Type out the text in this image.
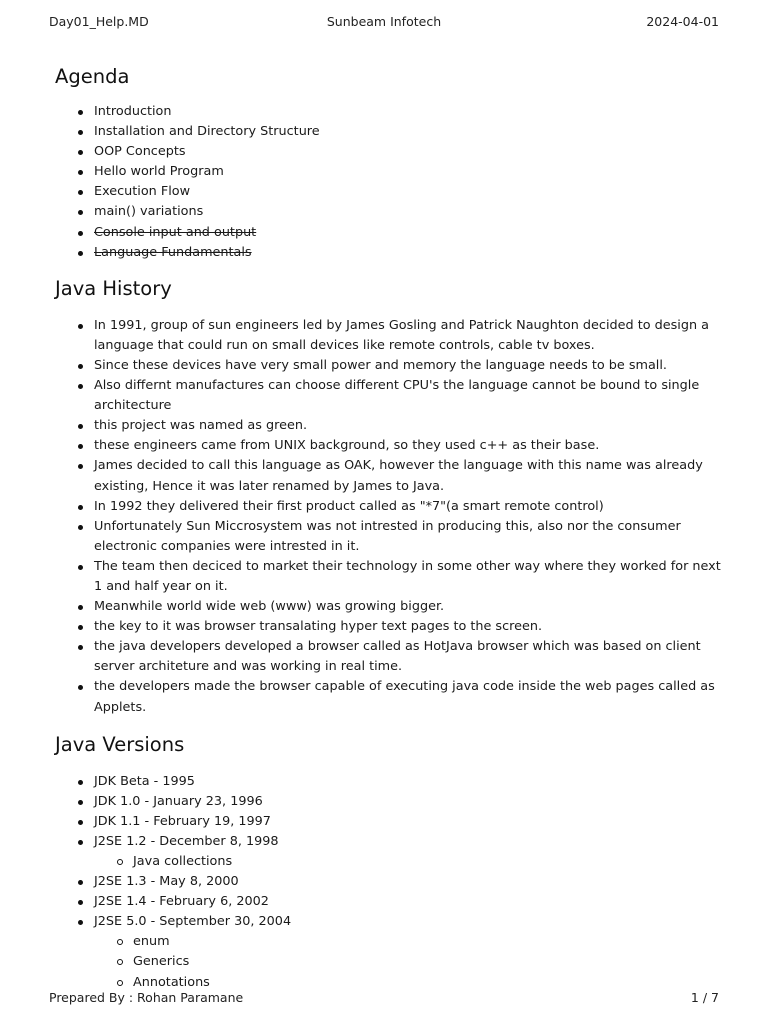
Day01_Help.MD	Sunbeam Infotech	2024-04-01
Agenda
Introduction
Installation and Directory Structure
OOP Concepts
Hello world Program
Execution Flow
main() variations
Console input and output
Language Fundamentals
Java History
In 1991, group of sun engineers led by James Gosling and Patrick Naughton decided to design a language that could run on small devices like remote controls, cable tv boxes.
Since these devices have very small power and memory the language needs to be small.
Also differnt manufactures can choose different CPU's the language cannot be bound to single architecture
this project was named as green.
these engineers came from UNIX background, so they used c++ as their base.
James decided to call this language as OAK, however the language with this name was already existing, Hence it was later renamed by James to Java.
In 1992 they delivered their first product called as "*7"(a smart remote control)
Unfortunately Sun Miccrosystem was not intrested in producing this, also nor the consumer electronic companies were intrested in it.
The team then deciced to market their technology in some other way where they worked for next 1 and half year on it.
Meanwhile world wide web (www) was growing bigger.
the key to it was browser transalating hyper text pages to the screen.
the java developers developed a browser called as HotJava browser which was based on client server architeture and was working in real time.
the developers made the browser capable of executing java code inside the web pages called as Applets.
Java Versions
JDK Beta - 1995
JDK 1.0 - January 23, 1996
JDK 1.1 - February 19, 1997
J2SE 1.2 - December 8, 1998
Java collections
J2SE 1.3 - May 8, 2000
J2SE 1.4 - February 6, 2002
J2SE 5.0 - September 30, 2004
enum
Generics
Annotations
Prepared By : Rohan Paramane	1 / 7
